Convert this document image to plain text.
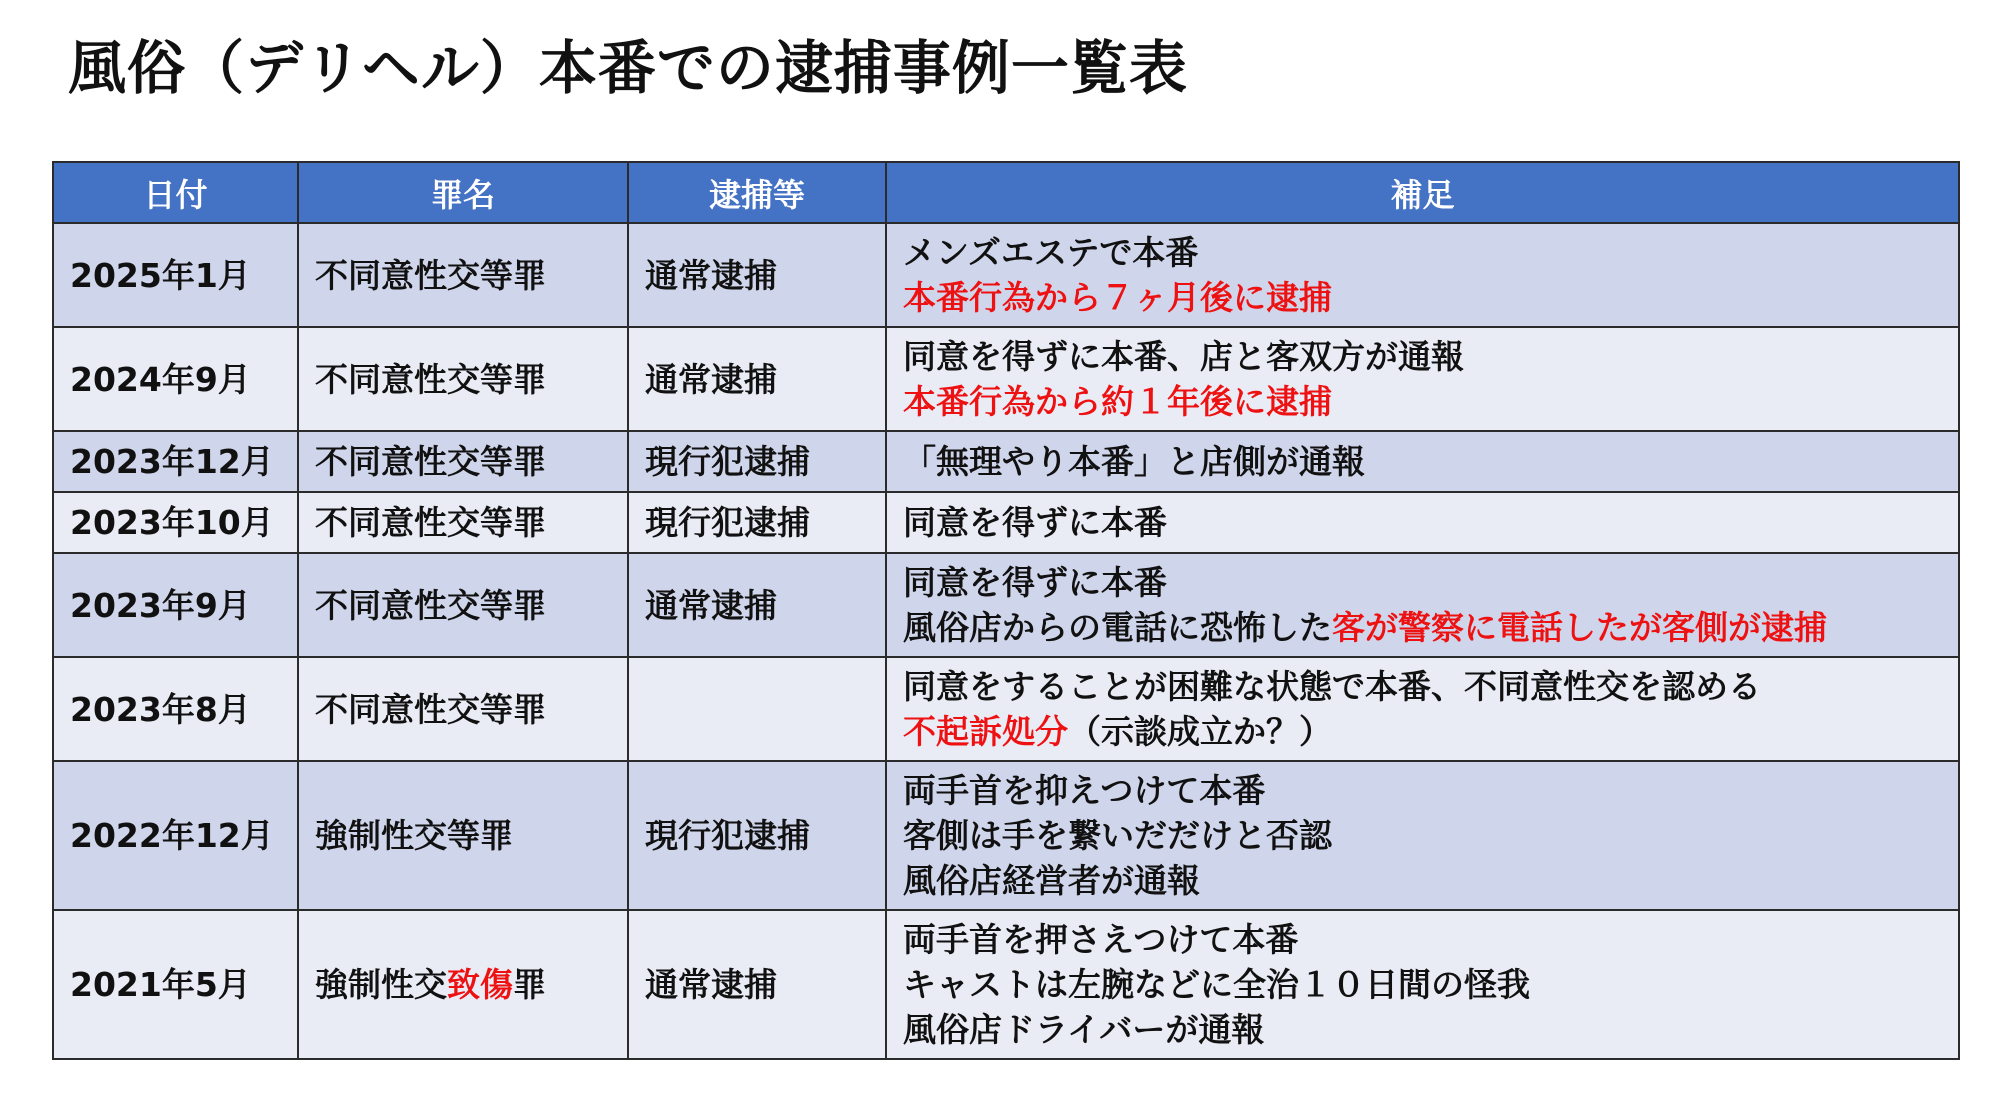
風俗（デリヘル）本番での逮捕事例一覧表
日付	罪名	逮捕等	補足
2025年1月	不同意性交等罪	通常逮捕	メンズエステで本番
本番行為から７ヶ月後に逮捕

2024年9月	不同意性交等罪	通常逮捕	同意を得ずに本番、店と客双方が通報
本番行為から約１年後に逮捕

2023年12月	不同意性交等罪	現行犯逮捕	「無理やり本番」と店側が通報

2023年10月	不同意性交等罪	現行犯逮捕	同意を得ずに本番

2023年9月	不同意性交等罪	通常逮捕	同意を得ずに本番
風俗店からの電話に恐怖した客が警察に電話したが客側が逮捕

2023年8月	不同意性交等罪		同意をすることが困難な状態で本番、不同意性交を認める
不起訴処分（示談成立か？）

2022年12月	強制性交等罪	現行犯逮捕	両手首を抑えつけて本番
客側は手を繋いだだけと否認
風俗店経営者が通報

2021年5月	強制性交致傷罪	通常逮捕	両手首を押さえつけて本番
キャストは左腕などに全治１０日間の怪我
風俗店ドライバーが通報
